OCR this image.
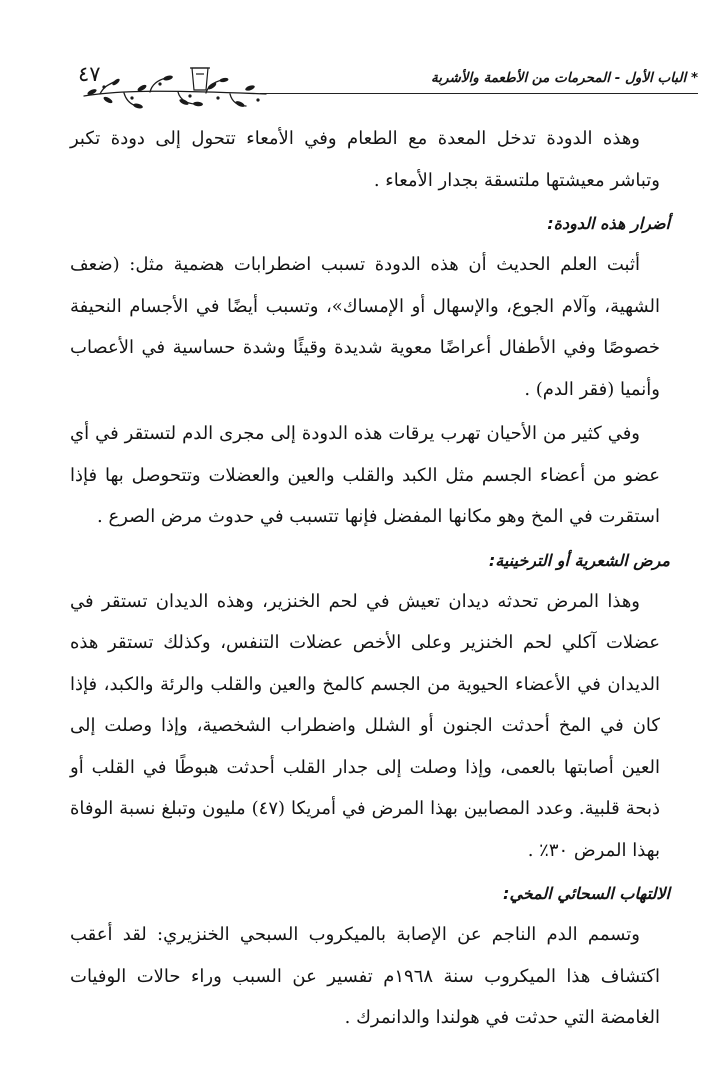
* الباب الأول - المحرمات من الأطعمة والأشربة
٤٧

وهذه الدودة تدخل المعدة مع الطعام وفي الأمعاء تتحول إلى دودة تكبر وتباشر معيشتها ملتسقة بجدار الأمعاء .

أضرار هذه الدودة:

أثبت العلم الحديث أن هذه الدودة تسبب اضطرابات هضمية مثل: (ضعف الشهية، وآلام الجوع، والإسهال أو الإمساك»، وتسبب أيضًا في الأجسام النحيفة خصوصًا وفي الأطفال أعراضًا معوية شديدة وقيئًا وشدة حساسية في الأعصاب وأنميا (فقر الدم) .

وفي كثير من الأحيان تهرب يرقات هذه الدودة إلى مجرى الدم لتستقر في أي عضو من أعضاء الجسم مثل الكبد والقلب والعين والعضلات وتتحوصل بها فإذا استقرت في المخ وهو مكانها المفضل فإنها تتسبب في حدوث مرض الصرع .

مرض الشعرية أو الترخينية:

وهذا المرض تحدثه ديدان تعيش في لحم الخنزير، وهذه الديدان تستقر في عضلات آكلي لحم الخنزير وعلى الأخص عضلات التنفس، وكذلك تستقر هذه الديدان في الأعضاء الحيوية من الجسم كالمخ والعين والقلب والرئة والكبد، فإذا كان في المخ أحدثت الجنون أو الشلل واضطراب الشخصية، وإذا وصلت إلى العين أصابتها بالعمى، وإذا وصلت إلى جدار القلب أحدثت هبوطًا في القلب أو ذبحة قلبية. وعدد المصابين بهذا المرض في أمريكا (٤٧) مليون وتبلغ نسبة الوفاة بهذا المرض ٣٠٪ .

الالتهاب السحائي المخي:

وتسمم الدم الناجم عن الإصابة بالميكروب السبحي الخنزيري: لقد أعقب اكتشاف هذا الميكروب سنة ١٩٦٨م تفسير عن السبب وراء حالات الوفيات الغامضة التي حدثت في هولندا والدانمرك .
